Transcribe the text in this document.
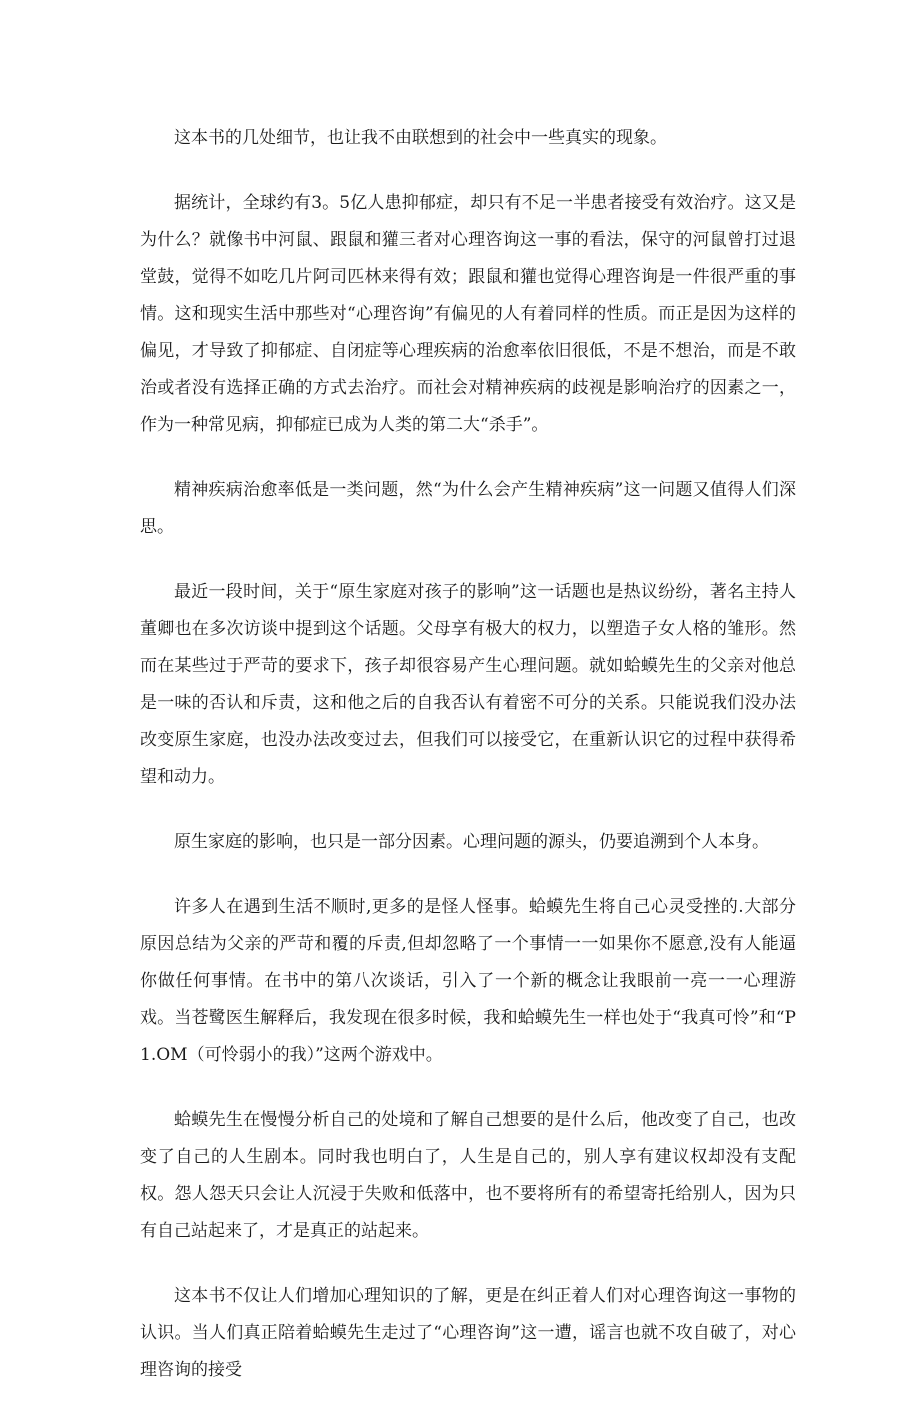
这本书的几处细节，也让我不由联想到的社会中一些真实的现象。

据统计，全球约有3。5亿人患抑郁症，却只有不足一半患者接受有效治疗。这又是为什么？就像书中河鼠、跟鼠和獾三者对心理咨询这一事的看法，保守的河鼠曾打过退堂鼓，觉得不如吃几片阿司匹林来得有效；跟鼠和獾也觉得心理咨询是一件很严重的事情。这和现实生活中那些对“心理咨询”有偏见的人有着同样的性质。而正是因为这样的偏见，才导致了抑郁症、自闭症等心理疾病的治愈率依旧很低，不是不想治，而是不敢治或者没有选择正确的方式去治疗。而社会对精神疾病的歧视是影响治疗的因素之一，作为一种常见病，抑郁症已成为人类的第二大“杀手”。

精神疾病治愈率低是一类问题，然“为什么会产生精神疾病”这一问题又值得人们深思。

最近一段时间，关于“原生家庭对孩子的影响”这一话题也是热议纷纷，著名主持人董卿也在多次访谈中提到这个话题。父母享有极大的权力，以塑造子女人格的雏形。然而在某些过于严苛的要求下，孩子却很容易产生心理问题。就如蛤蟆先生的父亲对他总是一味的否认和斥责，这和他之后的自我否认有着密不可分的关系。只能说我们没办法改变原生家庭，也没办法改变过去，但我们可以接受它，在重新认识它的过程中获得希望和动力。

原生家庭的影响，也只是一部分因素。心理问题的源头，仍要追溯到个人本身。

许多人在遇到生活不顺时,更多的是怪人怪事。蛤蟆先生将自己心灵受挫的.大部分原因总结为父亲的严苛和覆的斥责,但却忽略了一个事情一一如果你不愿意,没有人能逼你做任何事情。在书中的第八次谈话，引入了一个新的概念让我眼前一亮一一心理游戏。当苍鹭医生解释后，我发现在很多时候，我和蛤蟆先生一样也处于“我真可怜”和“P1.OM（可怜弱小的我）”这两个游戏中。

蛤蟆先生在慢慢分析自己的处境和了解自己想要的是什么后，他改变了自己，也改变了自己的人生剧本。同时我也明白了，人生是自己的，别人享有建议权却没有支配权。怨人怨天只会让人沉浸于失败和低落中，也不要将所有的希望寄托给别人，因为只有自己站起来了，才是真正的站起来。

这本书不仅让人们增加心理知识的了解，更是在纠正着人们对心理咨询这一事物的认识。当人们真正陪着蛤蟆先生走过了“心理咨询”这一遭，谣言也就不攻自破了，对心理咨询的接受
